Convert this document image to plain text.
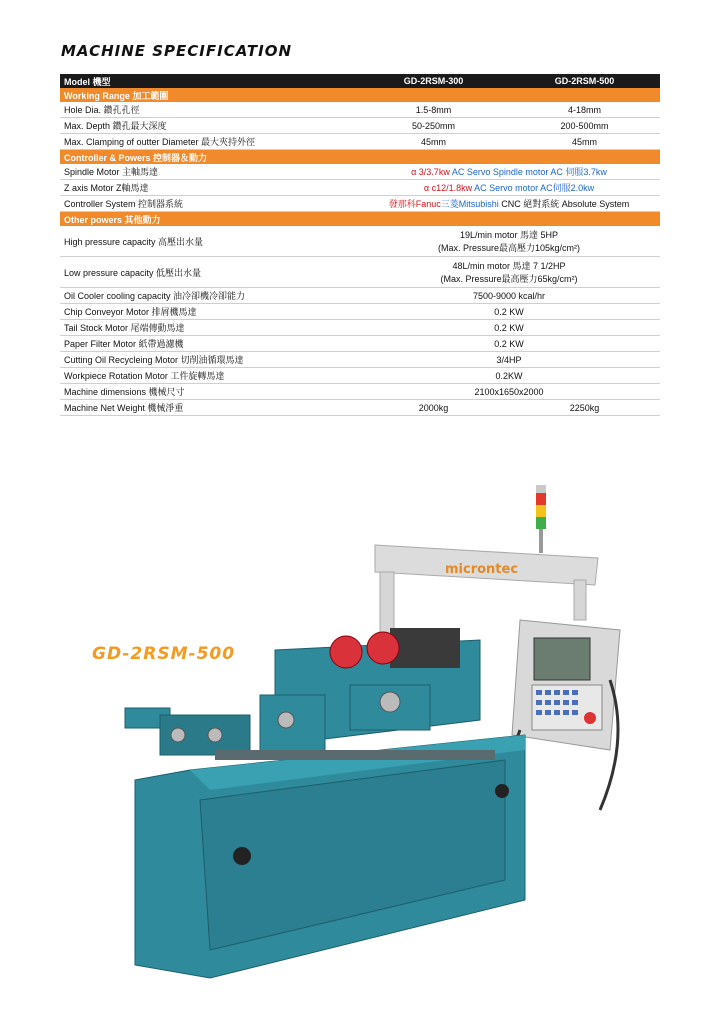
MACHINE SPECIFICATION
Model 機型	GD-2RSM-300	GD-2RSM-500
Working Range 加工範圍		
Hole Dia. 鑽孔孔徑	1.5-8mm	4-18mm
Max. Depth 鑽孔最大深度	50-250mm	200-500mm
Max. Clamping of outter Diameter 最大夾持外徑	45mm	45mm
Controller & Powers 控制器＆動力		
Spindle Motor 主軸馬達	α 3/3.7kw AC Servo Spindle motor AC 伺服3.7kw	
Z axis Motor Z軸馬達	α c12/1.8kw AC Servo motor AC伺服2.0kw	
Controller System 控制器系統	發那科Fanuc三菱Mitsubishi CNC 絕對系統 Absolute System	
Other powers 其他動力		
High pressure capacity 高壓出水量	19L/min motor 馬達 5HP
(Max. Pressure最高壓力105kg/cm²)	

Low pressure capacity 低壓出水量	48L/min motor 馬達 7 1/2HP
(Max. Pressure最高壓力65kg/cm²)	

Oil Cooler cooling capacity 油冷卻機冷卻能力	7500-9000 kcal/hr	
Chip Conveyor Motor 排屑機馬達	0.2 KW	
Tail Stock Motor 尾端傳動馬達	0.2 KW	
Paper Filter Motor 紙帶過濾機	0.2 KW	
Cutting Oil Recycleing Motor 切削油循環馬達	3/4HP	
Workpiece Rotation Motor 工件旋轉馬達	0.2KW	
Machine dimensions 機械尺寸	2100x1650x2000	
Machine Net Weight 機械淨重	2000kg	2250kg
microntec
GD-2RSM-500
